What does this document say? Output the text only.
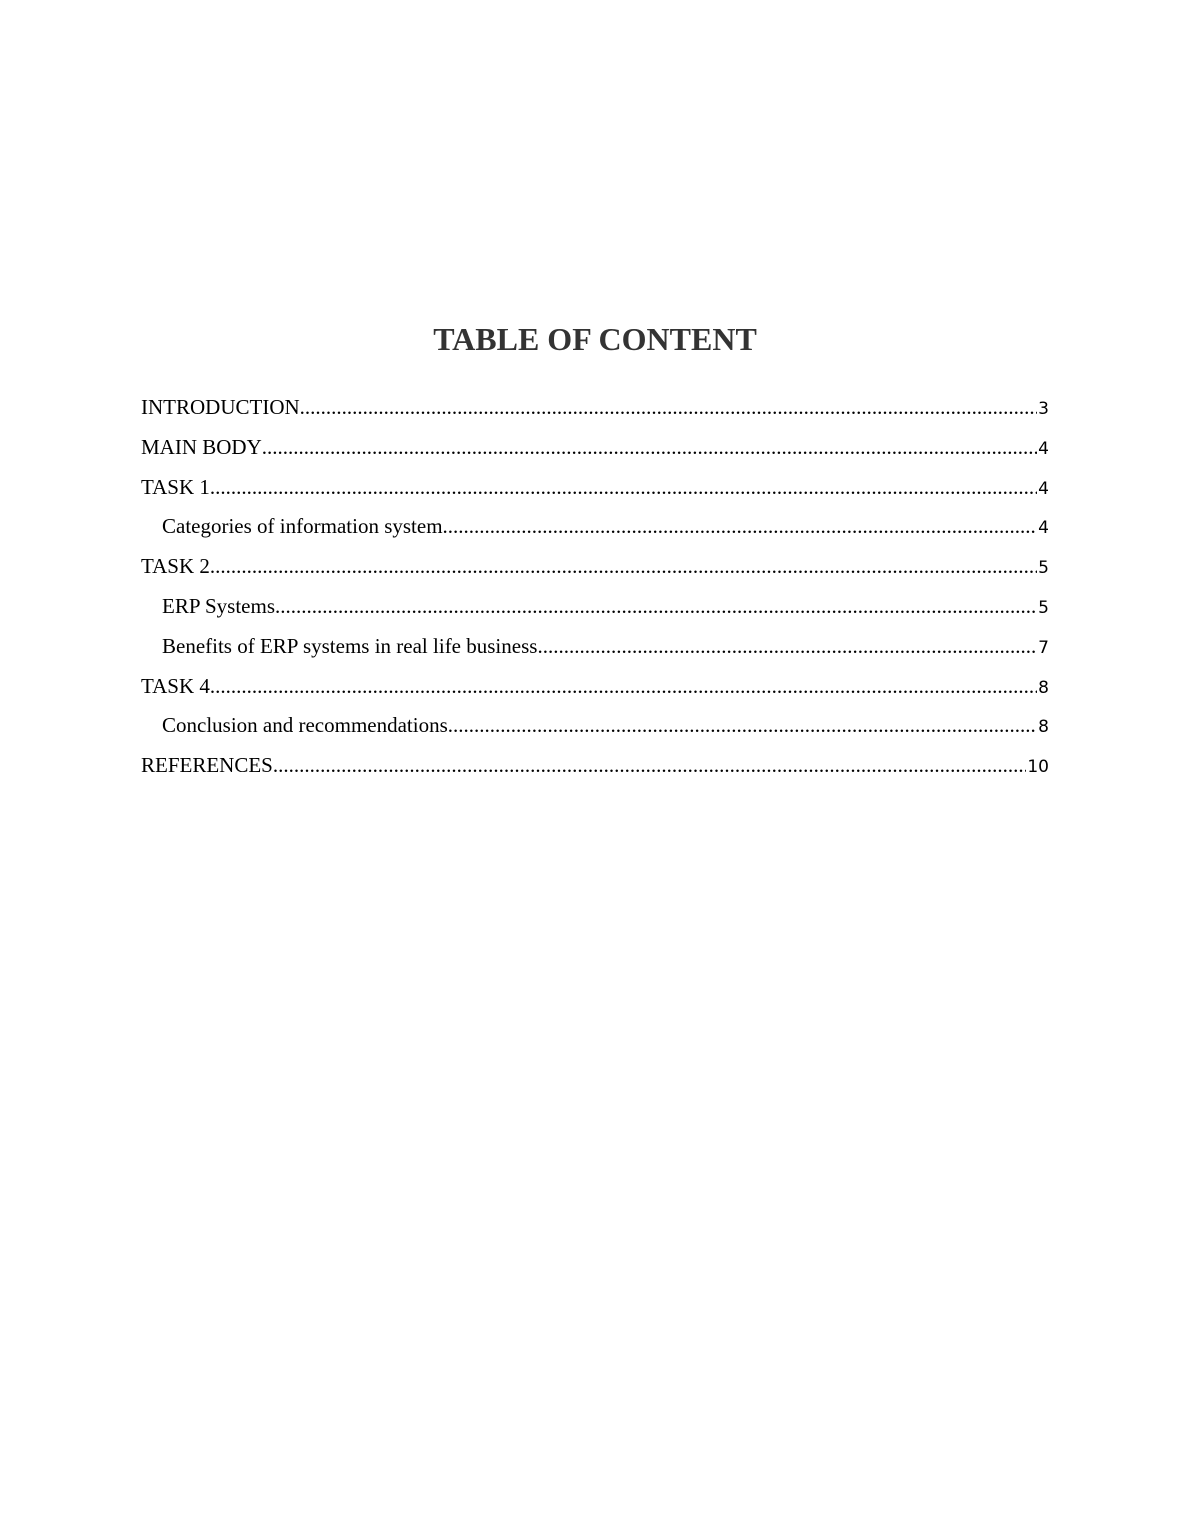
TABLE OF CONTENT
INTRODUCTION .....	3
MAIN BODY .....	4
TASK 1 .....	4
Categories of information system .....	4
TASK 2 .....	5
ERP Systems .....	5
Benefits of ERP systems in real life business .....	7
TASK 4 .....	8
Conclusion and recommendations .....	8
REFERENCES .....	10
